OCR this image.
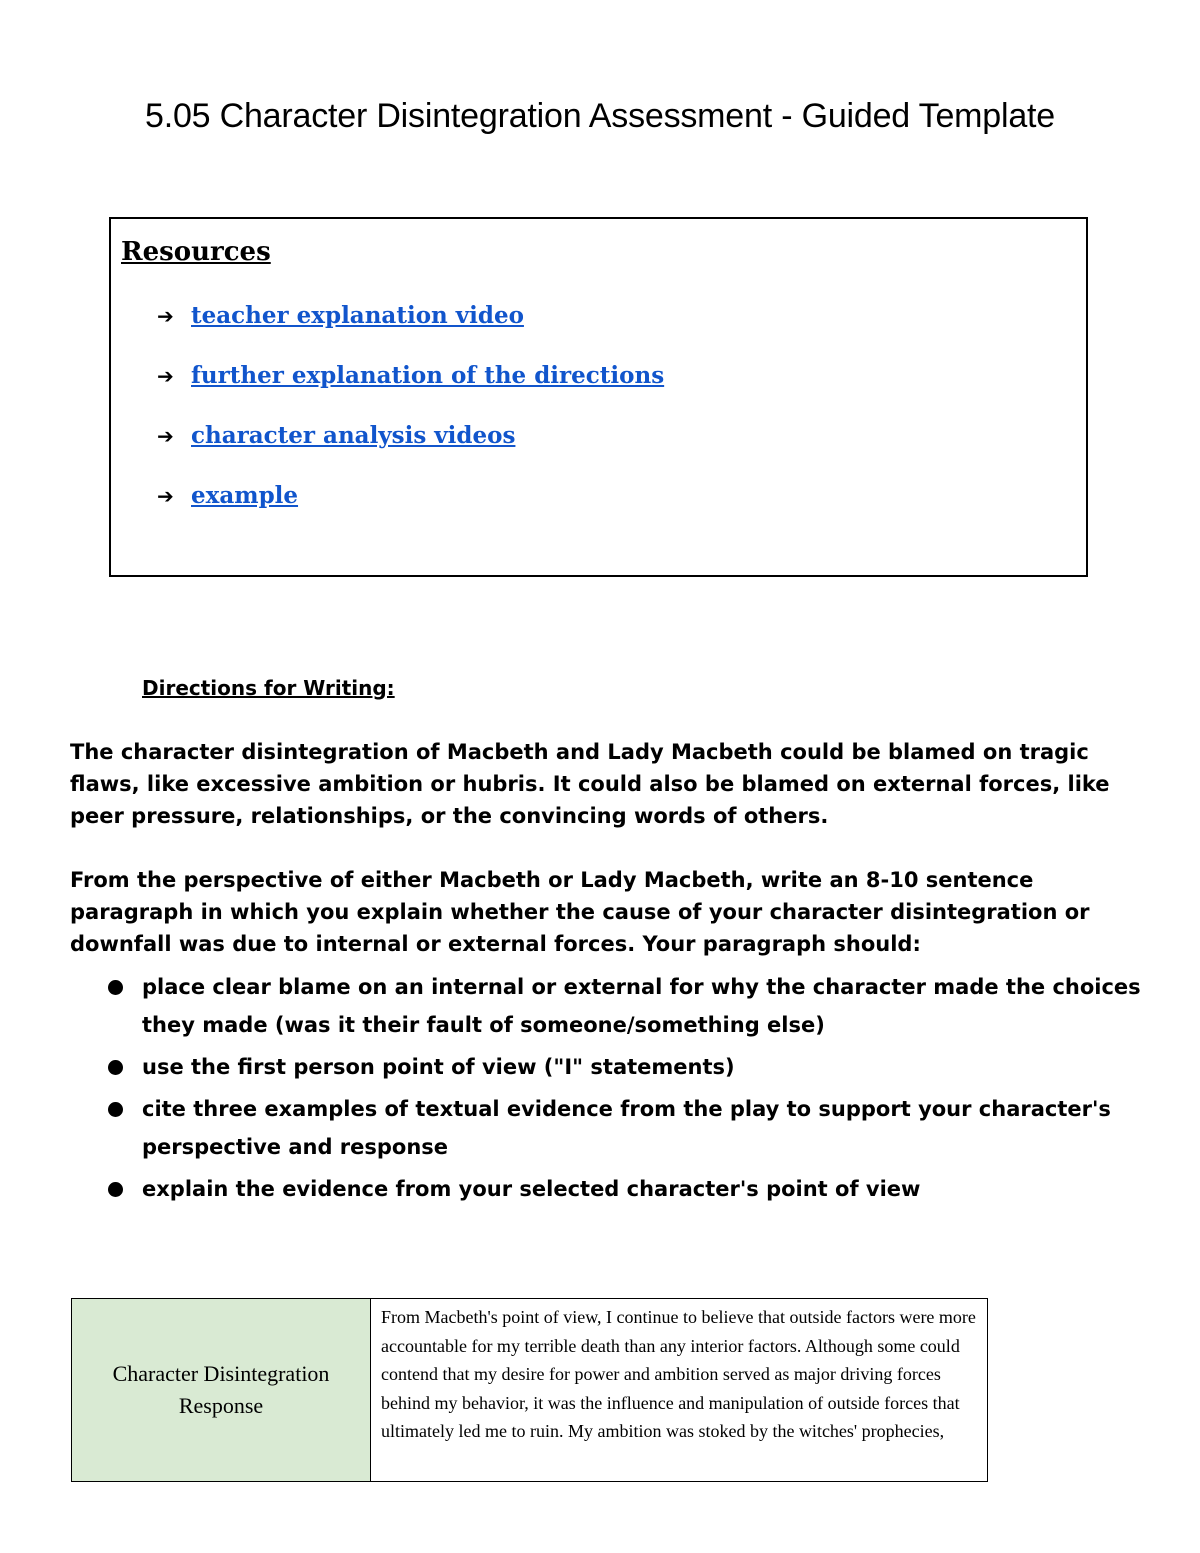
5.05 Character Disintegration Assessment - Guided Template
Resources
➔ teacher explanation video
➔ further explanation of the directions
➔ character analysis videos
➔ example
Directions for Writing:

The character disintegration of Macbeth and Lady Macbeth could be blamed on tragic flaws, like excessive ambition or hubris. It could also be blamed on external forces, like peer pressure, relationships, or the convincing words of others.

From the perspective of either Macbeth or Lady Macbeth, write an 8-10 sentence paragraph in which you explain whether the cause of your character disintegration or downfall was due to internal or external forces. Your paragraph should:

place clear blame on an internal or external for why the character made the choices they made (was it their fault of someone/something else)
use the first person point of view ("I" statements)
cite three examples of textual evidence from the play to support your character's perspective and response
explain the evidence from your selected character's point of view
Character Disintegration Response	From Macbeth's point of view, I continue to believe that outside factors were more accountable for my terrible death than any interior factors. Although some could contend that my desire for power and ambition served as major driving forces behind my behavior, it was the influence and manipulation of outside forces that ultimately led me to ruin. My ambition was stoked by the witches' prophecies,
